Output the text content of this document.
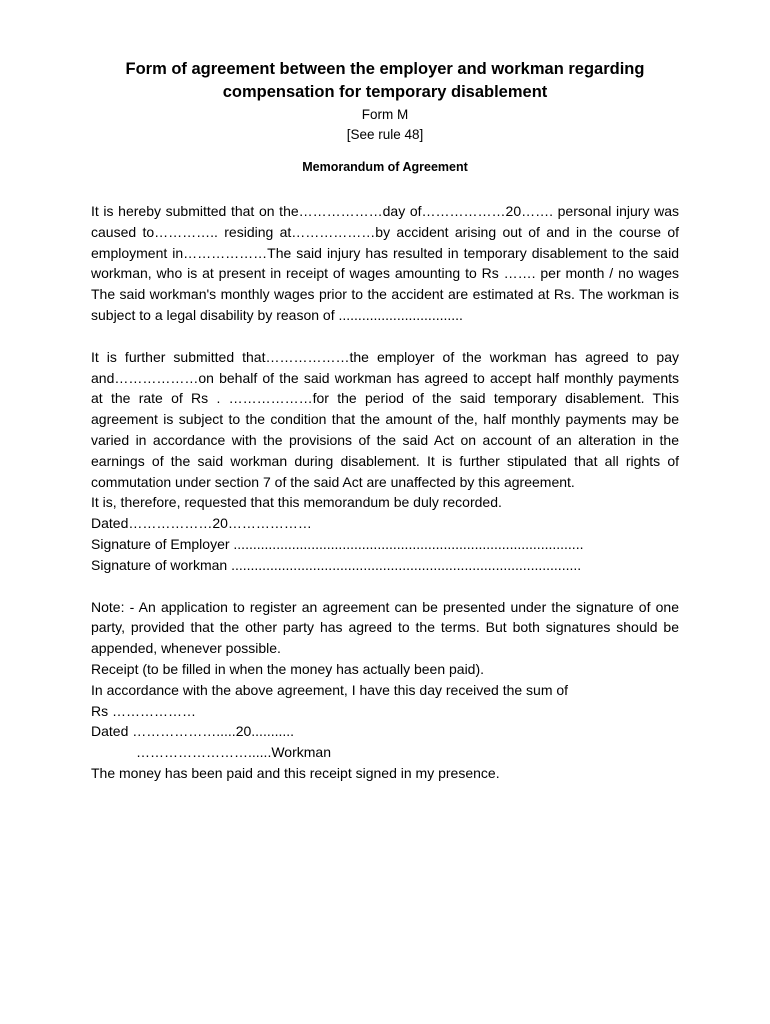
Form of agreement between the employer and workman regarding

compensation for temporary disablement

Form M

[See rule 48]

Memorandum of Agreement

It is hereby submitted that on the………………day of………………20……. personal injury was caused to………….. residing at………………by accident arising out of and in the course of employment in………………The said injury has resulted in temporary disablement to the said workman, who is at present in receipt of wages amounting to Rs ……. per month / no wages The said workman's monthly wages prior to the accident are estimated at Rs. The workman is subject to a legal disability by reason of ................................

It is further submitted that………………the employer of the workman has agreed to pay and………………on behalf of the said workman has agreed to accept half monthly payments at the rate of Rs . ………………for the period of the said temporary disablement. This agreement is subject to the condition that the amount of the, half monthly payments may be varied in accordance with the provisions of the said Act on account of an alteration in the earnings of the said workman during disablement. It is further stipulated that all rights of commutation under section 7 of the said Act are unaffected by this agreement.

It is, therefore, requested that this memorandum be duly recorded.

Dated………………20………………

Signature of Employer ..........................................................................................

Signature of workman ..........................................................................................

Note: - An application to register an agreement can be presented under the signature of one party, provided that the other party has agreed to the terms. But both signatures should be appended, whenever possible.

Receipt (to be filled in when the money has actually been paid).

In accordance with the above agreement, I have this day received the sum of

Rs ………………

Dated ……………….....20...........

……………………......Workman

The money has been paid and this receipt signed in my presence.
